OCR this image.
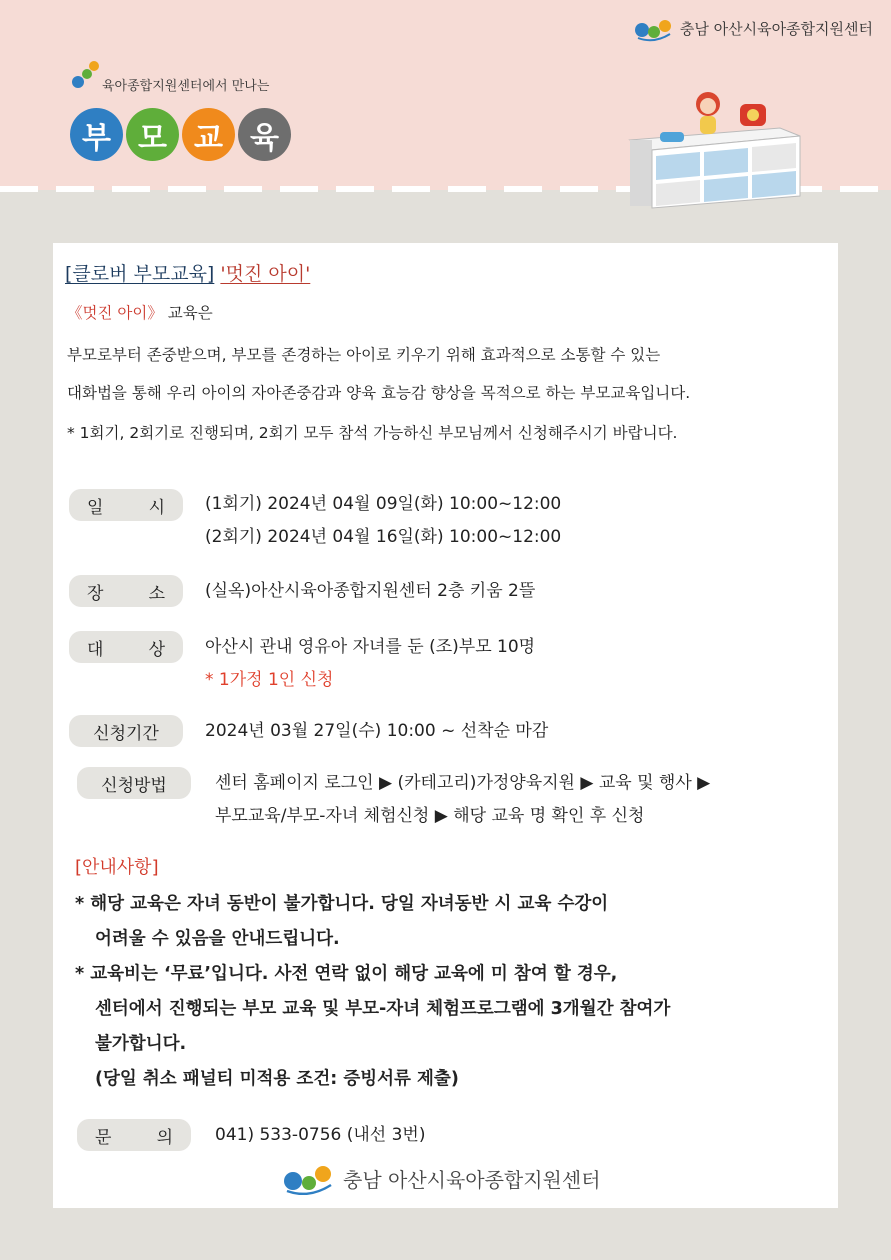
충남 아산시육아종합지원센터
육아종합지원센터에서 만나는
부 모 교 육
[클로버 부모교육] '멋진 아이'
《멋진 아이》 교육은
부모로부터 존중받으며, 부모를 존경하는 아이로 키우기 위해 효과적으로 소통할 수 있는
대화법을 통해 우리 아이의 자아존중감과 양육 효능감 향상을 목적으로 하는 부모교육입니다.
* 1회기, 2회기로 진행되며, 2회기 모두 참석 가능하신 부모님께서 신청해주시기 바랍니다.
일	시 (1회기) 2024년 04월 09일(화) 10:00~12:00
(2회기) 2024년 04월 16일(화) 10:00~12:00
장	소 (실옥)아산시육아종합지원센터 2층 키움 2뜰
대	상 아산시 관내 영유아 자녀를 둔 (조)부모 10명
* 1가정 1인 신청
신청기간	2024년 03월 27일(수) 10:00 ~ 선착순 마감
신청방법	센터 홈페이지 로그인 ▶ (카테고리)가정양육지원 ▶ 교육 및 행사 ▶
부모교육/부모-자녀 체험신청 ▶ 해당 교육 명 확인 후 신청
[안내사항]
* 해당 교육은 자녀 동반이 불가합니다. 당일 자녀동반 시 교육 수강이
어려울 수 있음을 안내드립니다.
* 교육비는 ‘무료’입니다. 사전 연락 없이 해당 교육에 미 참여 할 경우,
센터에서 진행되는 부모 교육 및 부모-자녀 체험프로그램에 3개월간 참여가
불가합니다.
(당일 취소 패널티 미적용 조건: 증빙서류 제출)
문	의 041) 533-0756 (내선 3번)
충남 아산시육아종합지원센터
